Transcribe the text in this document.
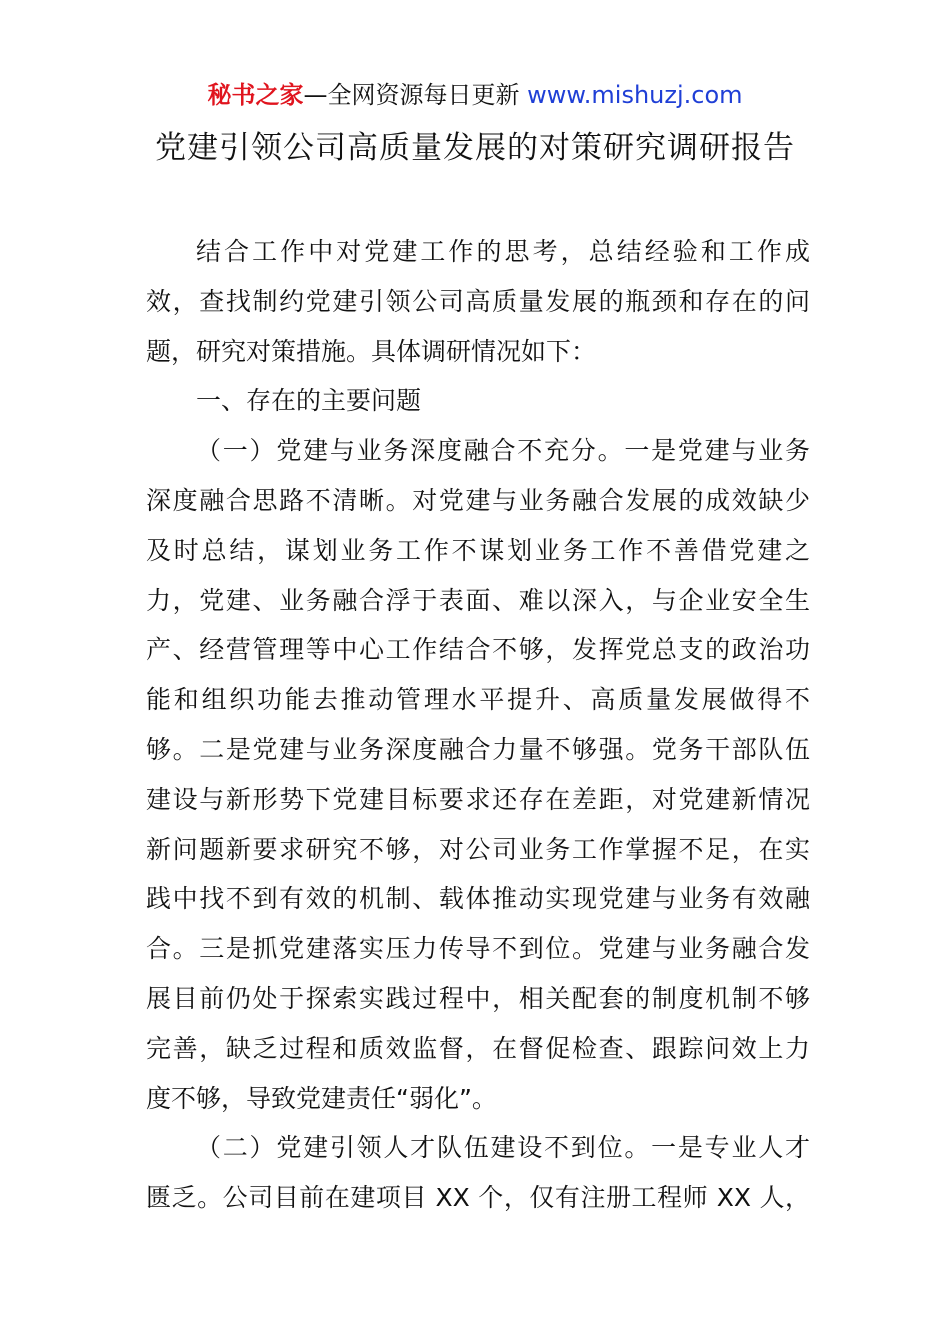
秘书之家—全网资源每日更新 www.mishuzj.com
党建引领公司高质量发展的对策研究调研报告
结合工作中对党建工作的思考，总结经验和工作成
效，查找制约党建引领公司高质量发展的瓶颈和存在的问
题，研究对策措施。具体调研情况如下：
一、存在的主要问题
（一）党建与业务深度融合不充分。一是党建与业务
深度融合思路不清晰。对党建与业务融合发展的成效缺少
及时总结，谋划业务工作不谋划业务工作不善借党建之
力，党建、业务融合浮于表面、难以深入，与企业安全生
产、经营管理等中心工作结合不够，发挥党总支的政治功
能和组织功能去推动管理水平提升、高质量发展做得不
够。二是党建与业务深度融合力量不够强。党务干部队伍
建设与新形势下党建目标要求还存在差距，对党建新情况
新问题新要求研究不够，对公司业务工作掌握不足，在实
践中找不到有效的机制、载体推动实现党建与业务有效融
合。三是抓党建落实压力传导不到位。党建与业务融合发
展目前仍处于探索实践过程中，相关配套的制度机制不够
完善，缺乏过程和质效监督，在督促检查、跟踪问效上力
度不够，导致党建责任“弱化”。
（二）党建引领人才队伍建设不到位。一是专业人才
匮乏。公司目前在建项目 XX 个，仅有注册工程师 XX 人，
